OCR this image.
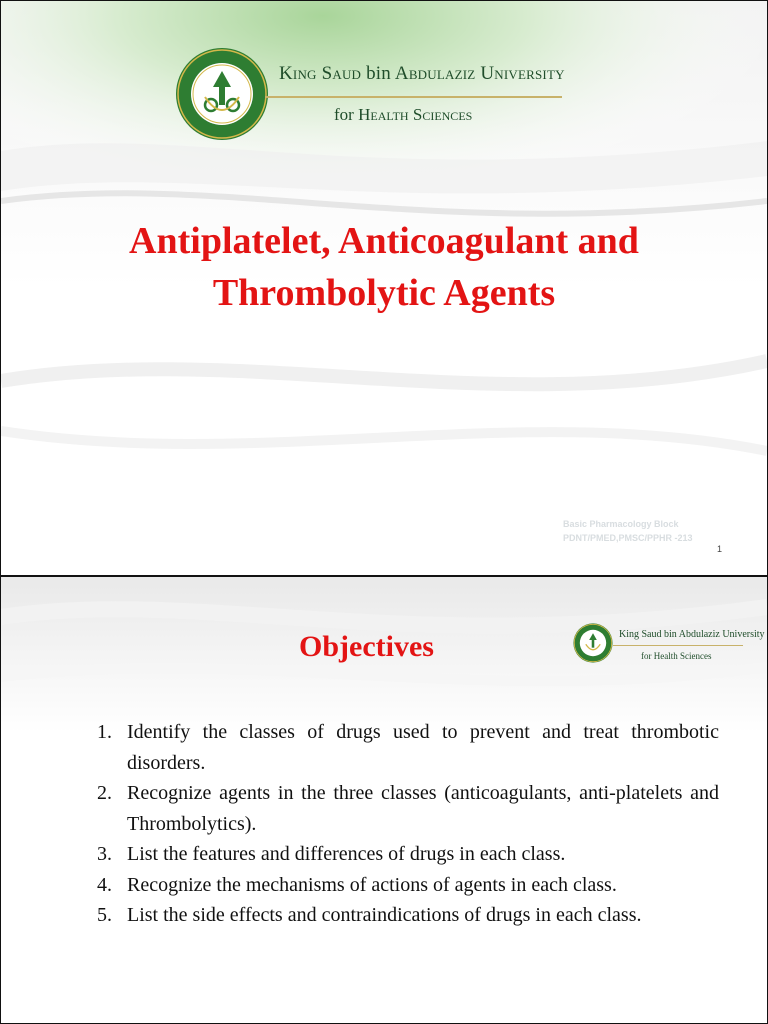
King Saud bin Abdulaziz University
for Health Sciences
Antiplatelet, Anticoagulant and
Thrombolytic Agents
Basic Pharmacology Block
PDNT/PMED,PMSC/PPHR -213
1
Objectives	King Saud bin Abdulaziz University
for Health Sciences
1. Identify the classes of drugs used to prevent and treat thrombotic disorders.
2. Recognize agents in the three classes (anticoagulants, anti-platelets and Thrombolytics).
3. List the features and differences of drugs in each class.
4. Recognize the mechanisms of actions of agents in each class.
5. List the side effects and contraindications of drugs in each class.
